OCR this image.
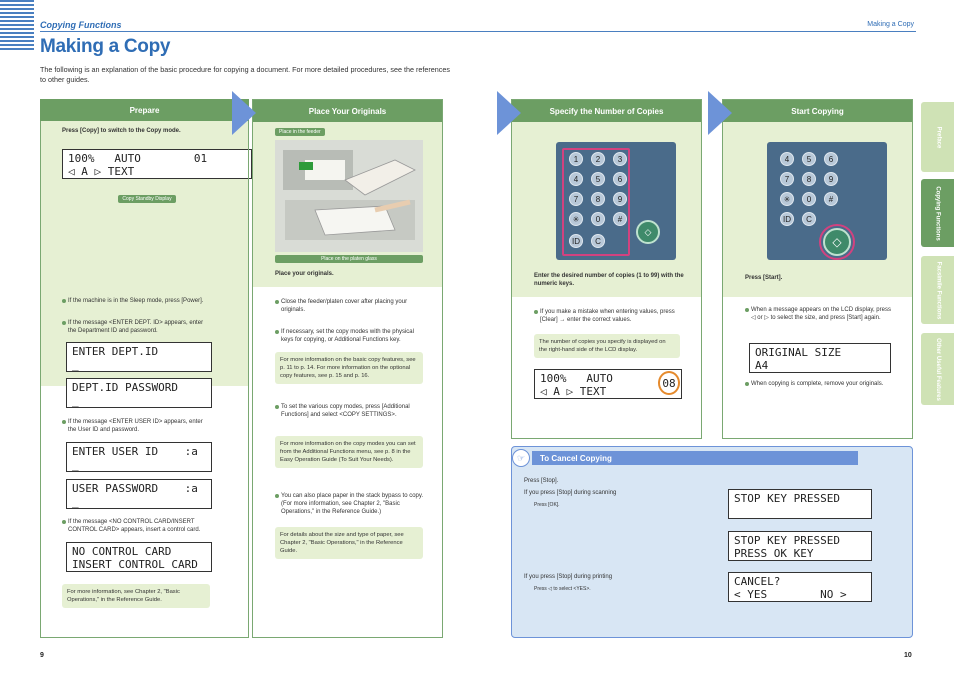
Copying Functions	Making a Copy
Making a Copy
The following is an explanation of the basic procedure for copying a document. For more detailed procedures, see the references to other guides.
Prepare
Press [Copy] to switch to the Copy mode.
100%   AUTO        01
◁ A ▷ TEXT
Copy Standby Display
If the machine is in the Sleep mode, press [Power].
If the message <ENTER DEPT. ID> appears, enter the Department ID and password.
ENTER DEPT.ID
_
DEPT.ID PASSWORD
_
If the message <ENTER USER ID> appears, enter the User ID and password.
ENTER USER ID    :a
_
USER PASSWORD    :a
_
If the message <NO CONTROL CARD/INSERT CONTROL CARD> appears, insert a control card.
NO CONTROL CARD
INSERT CONTROL CARD
For more information, see Chapter 2, "Basic Operations," in the Reference Guide.
Place Your Originals
Place in the feeder
Place on the platen glass
Place your originals.
Close the feeder/platen cover after placing your originals.
If necessary, set the copy modes with the physical keys for copying, or Additional Functions key.
For more information on the basic copy features, see p. 11 to p. 14. For more information on the optional copy features, see p. 15 and p. 16.
To set the various copy modes, press [Additional Functions] and select <COPY SETTINGS>.
For more information on the copy modes you can set from the Additional Functions menu, see p. 8 in the Easy Operation Guide (To Suit Your Needs).
You can also place paper in the stack bypass to copy. (For more information, see Chapter 2, "Basic Operations," in the Reference Guide.)
For details about the size and type of paper, see Chapter 2, "Basic Operations," in the Reference Guide.
Specify the Number of Copies
1	2	3
4	5	6
7	8	9
✳	0	#
ID	C
◇
Enter the desired number of copies (1 to 99) with the numeric keys.
If you make a mistake when entering values, press [Clear] → enter the correct values.
The number of copies you specify is displayed on the right-hand side of the LCD display.
100%   AUTO
◁ A ▷ TEXT
08
Start Copying
4	5	6
7	8	9
✳	0	#
ID	C
◇
Press [Start].
When a message appears on the LCD display, press ◁ or ▷ to select the size, and press [Start] again.
ORIGINAL SIZE
A4
When copying is complete, remove your originals.
☞	To Cancel Copying
Press [Stop].
If you press [Stop] during scanning
Press [OK].	STOP KEY PRESSED
STOP KEY PRESSED
PRESS OK KEY
If you press [Stop] during printing
Press ◁ to select <YES>.
CANCEL?
< YES        NO >
Preface
Copying Functions
Facsimile Functions
Other Useful Features
9	10
